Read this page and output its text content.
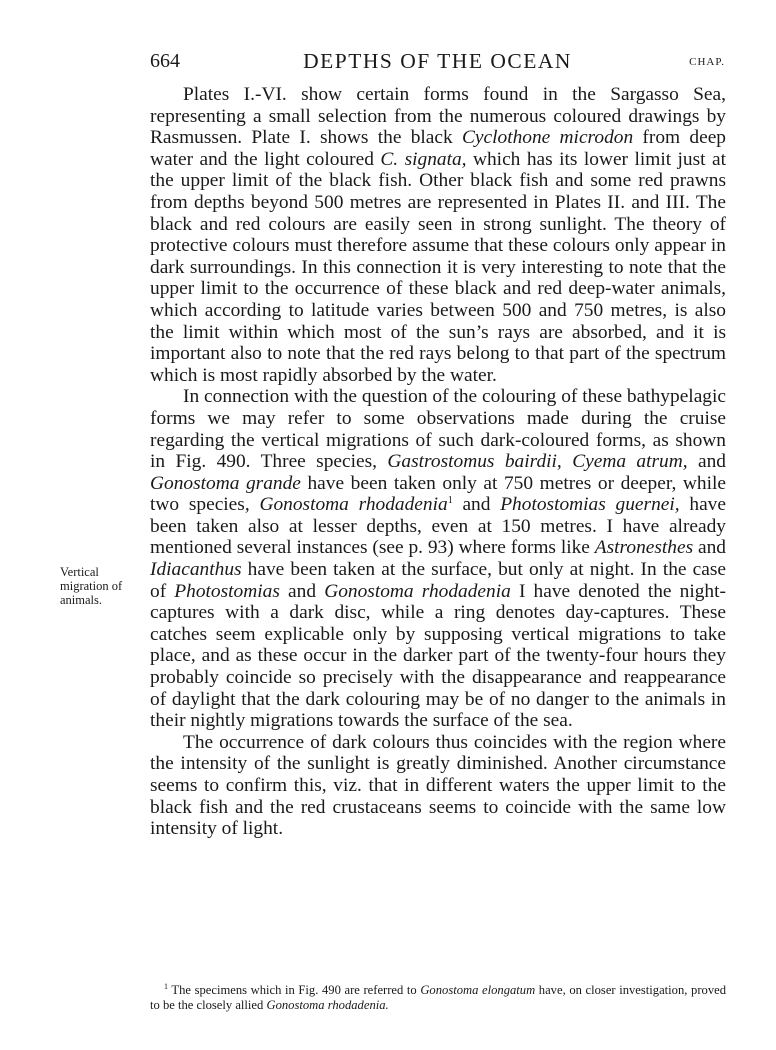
664	DEPTHS OF THE OCEAN	CHAP.
Vertical
migration of
animals.

Plates I.-VI. show certain forms found in the Sargasso Sea, representing a small selection from the numerous coloured drawings by Rasmussen. Plate I. shows the black Cyclothone microdon from deep water and the light coloured C. signata, which has its lower limit just at the upper limit of the black fish. Other black fish and some red prawns from depths beyond 500 metres are represented in Plates II. and III. The black and red colours are easily seen in strong sunlight. The theory of protective colours must therefore assume that these colours only appear in dark surroundings. In this connection it is very interesting to note that the upper limit to the occurrence of these black and red deep-water animals, which according to latitude varies between 500 and 750 metres, is also the limit within which most of the sun’s rays are absorbed, and it is important also to note that the red rays belong to that part of the spectrum which is most rapidly absorbed by the water.

In connection with the question of the colouring of these bathypelagic forms we may refer to some observations made during the cruise regarding the vertical migrations of such dark-coloured forms, as shown in Fig. 490. Three species, Gastrostomus bairdii, Cyema atrum, and Gonostoma grande have been taken only at 750 metres or deeper, while two species, Gonostoma rhodadenia$^1$ and Photostomias guernei, have been taken also at lesser depths, even at 150 metres. I have already mentioned several instances (see p. 93) where forms like Astronesthes and Idiacanthus have been taken at the surface, but only at night. In the case of Photostomias and Gonostoma rhodadenia I have denoted the night-captures with a dark disc, while a ring denotes day-captures. These catches seem explicable only by supposing vertical migrations to take place, and as these occur in the darker part of the twenty-four hours they probably coincide so precisely with the disappearance and reappearance of daylight that the dark colouring may be of no danger to the animals in their nightly migrations towards the surface of the sea.

The occurrence of dark colours thus coincides with the region where the intensity of the sunlight is greatly diminished. Another circumstance seems to confirm this, viz. that in different waters the upper limit to the black fish and the red crustaceans seems to coincide with the same low intensity of light.

$^1$ The specimens which in Fig. 490 are referred to Gonostoma elongatum have, on closer investigation, proved to be the closely allied Gonostoma rhodadenia.
